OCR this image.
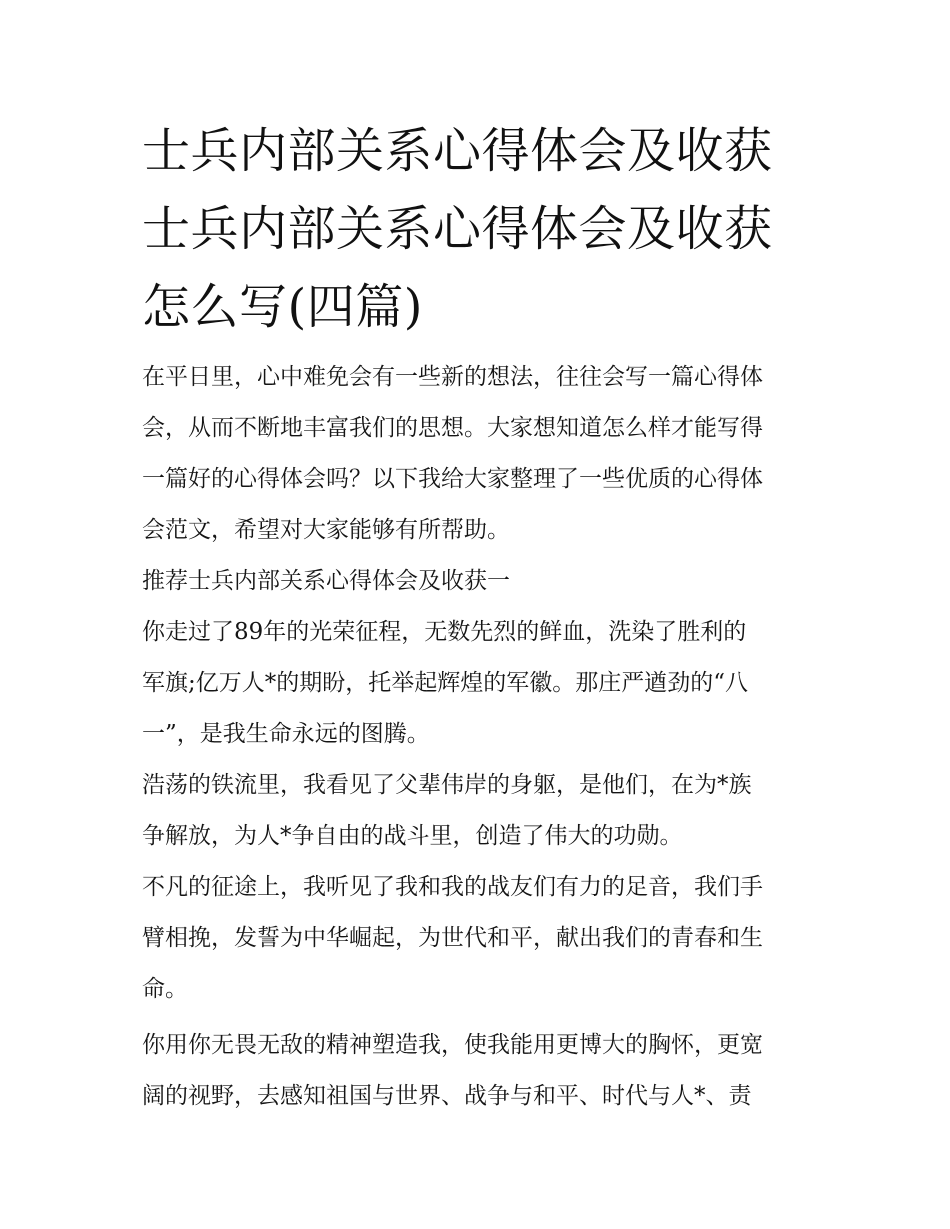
士兵内部关系心得体会及收获
士兵内部关系心得体会及收获
怎么写(四篇)

在平日里，心中难免会有一些新的想法，往往会写一篇心得体
会，从而不断地丰富我们的思想。大家想知道怎么样才能写得
一篇好的心得体会吗？以下我给大家整理了一些优质的心得体
会范文，希望对大家能够有所帮助。

推荐士兵内部关系心得体会及收获一

你走过了89年的光荣征程，无数先烈的鲜血，洗染了胜利的
军旗;亿万人*的期盼，托举起辉煌的军徽。那庄严遒劲的“八
一”，是我生命永远的图腾。

浩荡的铁流里，我看见了父辈伟岸的身躯，是他们，在为*族
争解放，为人*争自由的战斗里，创造了伟大的功勋。

不凡的征途上，我听见了我和我的战友们有力的足音，我们手
臂相挽，发誓为中华崛起，为世代和平，献出我们的青春和生
命。

你用你无畏无敌的精神塑造我，使我能用更博大的胸怀，更宽
阔的视野，去感知祖国与世界、战争与和平、时代与人*、责
